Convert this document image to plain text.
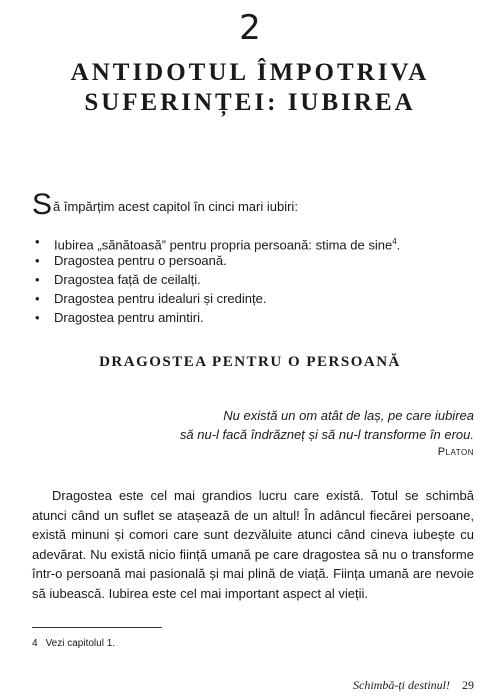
2
ANTIDOTUL ÎMPOTRIVA
SUFERINȚEI: IUBIREA
Să împărțim acest capitol în cinci mari iubiri:
• Iubirea „sănătoasă” pentru propria persoană: stima de sine$^4$.
• Dragostea pentru o persoană.
• Dragostea față de ceilalți.
• Dragostea pentru idealuri și credințe.
• Dragostea pentru amintiri.
DRAGOSTEA PENTRU O PERSOANĂ
Nu există un om atât de laș, pe care iubirea
să nu-l facă îndrăzneț și să nu-l transforme în erou.
Platon

Dragostea este cel mai grandios lucru care există. Totul se schimbă atunci când un suflet se atașează de un altul! În adâncul fiecărei persoane, există minuni și comori care sunt dezvăluite atunci când cineva iubește cu adevărat. Nu există nicio ființă umană pe care dragostea să nu o transforme într-o persoană mai pasională și mai plină de viață. Ființa umană are nevoie să iubească. Iubirea este cel mai important aspect al vieții.

4 Vezi capitolul 1.
Schimbă-ți destinul! 29
